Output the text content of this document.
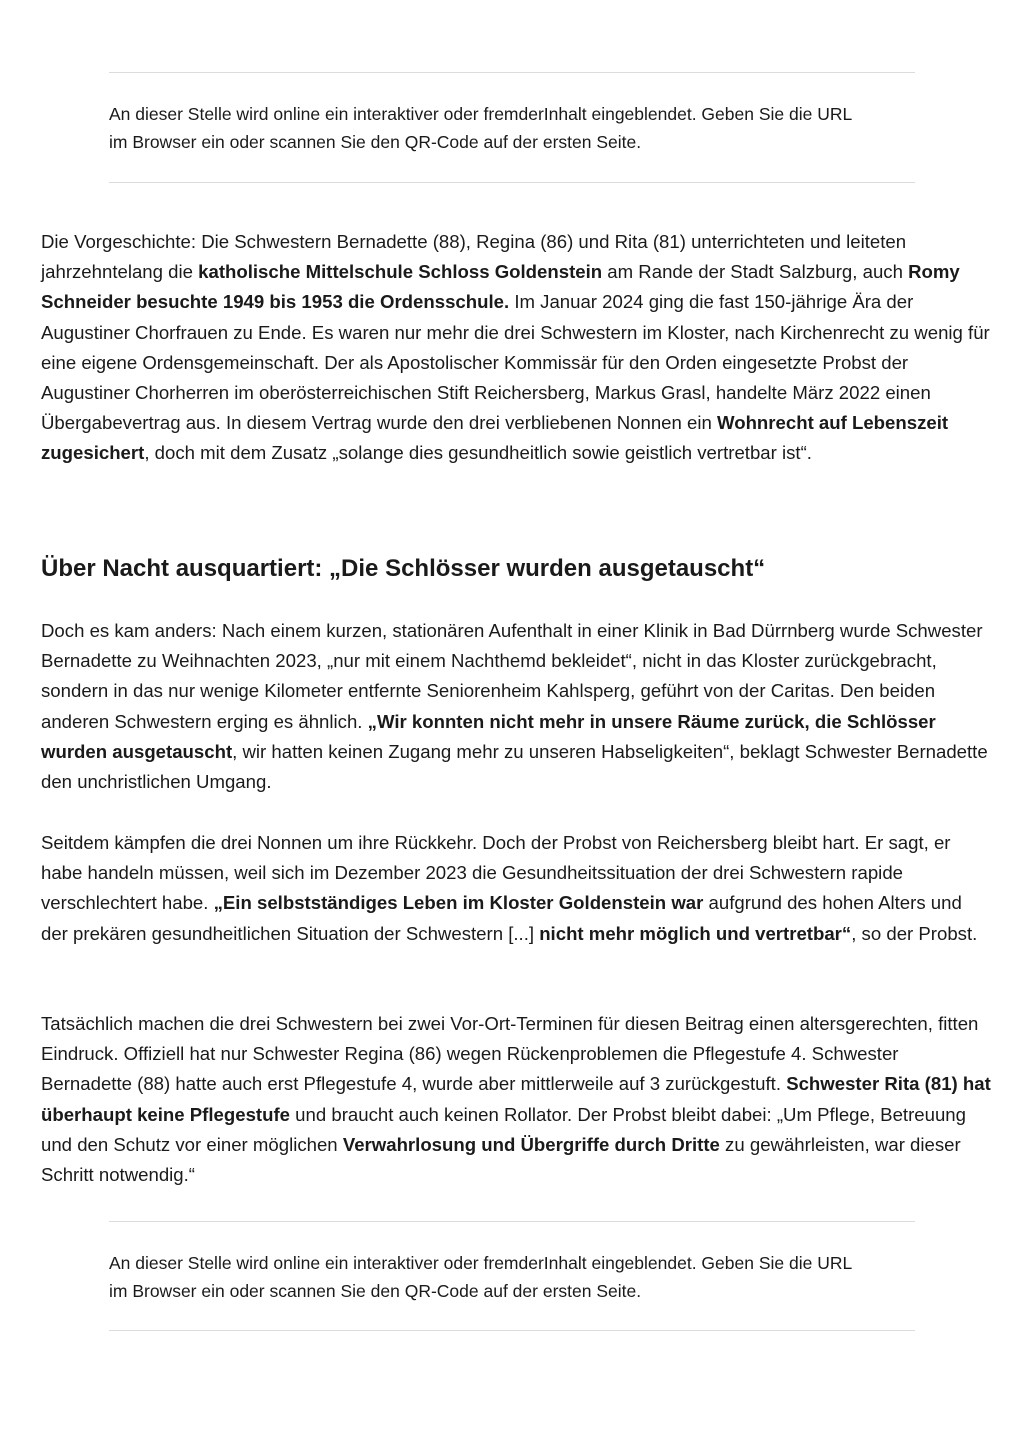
An dieser Stelle wird online ein interaktiver oder fremderInhalt eingeblendet. Geben Sie die URL

im Browser ein oder scannen Sie den QR-Code auf der ersten Seite.

Die Vorgeschichte: Die Schwestern Bernadette (88), Regina (86) und Rita (81) unterrichteten und leiteten jahrzehntelang die katholische Mittelschule Schloss Goldenstein am Rande der Stadt Salzburg, auch Romy Schneider besuchte 1949 bis 1953 die Ordensschule. Im Januar 2024 ging die fast 150-jährige Ära der Augustiner Chorfrauen zu Ende. Es waren nur mehr die drei Schwestern im Kloster, nach Kirchenrecht zu wenig für eine eigene Ordensgemeinschaft. Der als Apostolischer Kommissär für den Orden eingesetzte Probst der Augustiner Chorherren im oberösterreichischen Stift Reichersberg, Markus Grasl, handelte März 2022 einen Übergabevertrag aus. In diesem Vertrag wurde den drei verbliebenen Nonnen ein Wohnrecht auf Lebenszeit zugesichert, doch mit dem Zusatz „solange dies gesundheitlich sowie geistlich vertretbar ist“.

Über Nacht ausquartiert: „Die Schlösser wurden ausgetauscht“

Doch es kam anders: Nach einem kurzen, stationären Aufenthalt in einer Klinik in Bad Dürrnberg wurde Schwester Bernadette zu Weihnachten 2023, „nur mit einem Nachthemd bekleidet“, nicht in das Kloster zurückgebracht, sondern in das nur wenige Kilometer entfernte Seniorenheim Kahlsperg, geführt von der Caritas. Den beiden anderen Schwestern erging es ähnlich. „Wir konnten nicht mehr in unsere Räume zurück, die Schlösser wurden ausgetauscht, wir hatten keinen Zugang mehr zu unseren Habseligkeiten“, beklagt Schwester Bernadette den unchristlichen Umgang.

Seitdem kämpfen die drei Nonnen um ihre Rückkehr. Doch der Probst von Reichersberg bleibt hart. Er sagt, er habe handeln müssen, weil sich im Dezember 2023 die Gesundheitssituation der drei Schwestern rapide verschlechtert habe. „Ein selbstständiges Leben im Kloster Goldenstein war aufgrund des hohen Alters und der prekären gesundheitlichen Situation der Schwestern [...] nicht mehr möglich und vertretbar“, so der Probst.

Tatsächlich machen die drei Schwestern bei zwei Vor-Ort-Terminen für diesen Beitrag einen altersgerechten, fitten Eindruck. Offiziell hat nur Schwester Regina (86) wegen Rückenproblemen die Pflegestufe 4. Schwester Bernadette (88) hatte auch erst Pflegestufe 4, wurde aber mittlerweile auf 3 zurückgestuft. Schwester Rita (81) hat überhaupt keine Pflegestufe und braucht auch keinen Rollator. Der Probst bleibt dabei: „Um Pflege, Betreuung und den Schutz vor einer möglichen Verwahrlosung und Übergriffe durch Dritte zu gewährleisten, war dieser Schritt notwendig.“

An dieser Stelle wird online ein interaktiver oder fremderInhalt eingeblendet. Geben Sie die URL

im Browser ein oder scannen Sie den QR-Code auf der ersten Seite.
